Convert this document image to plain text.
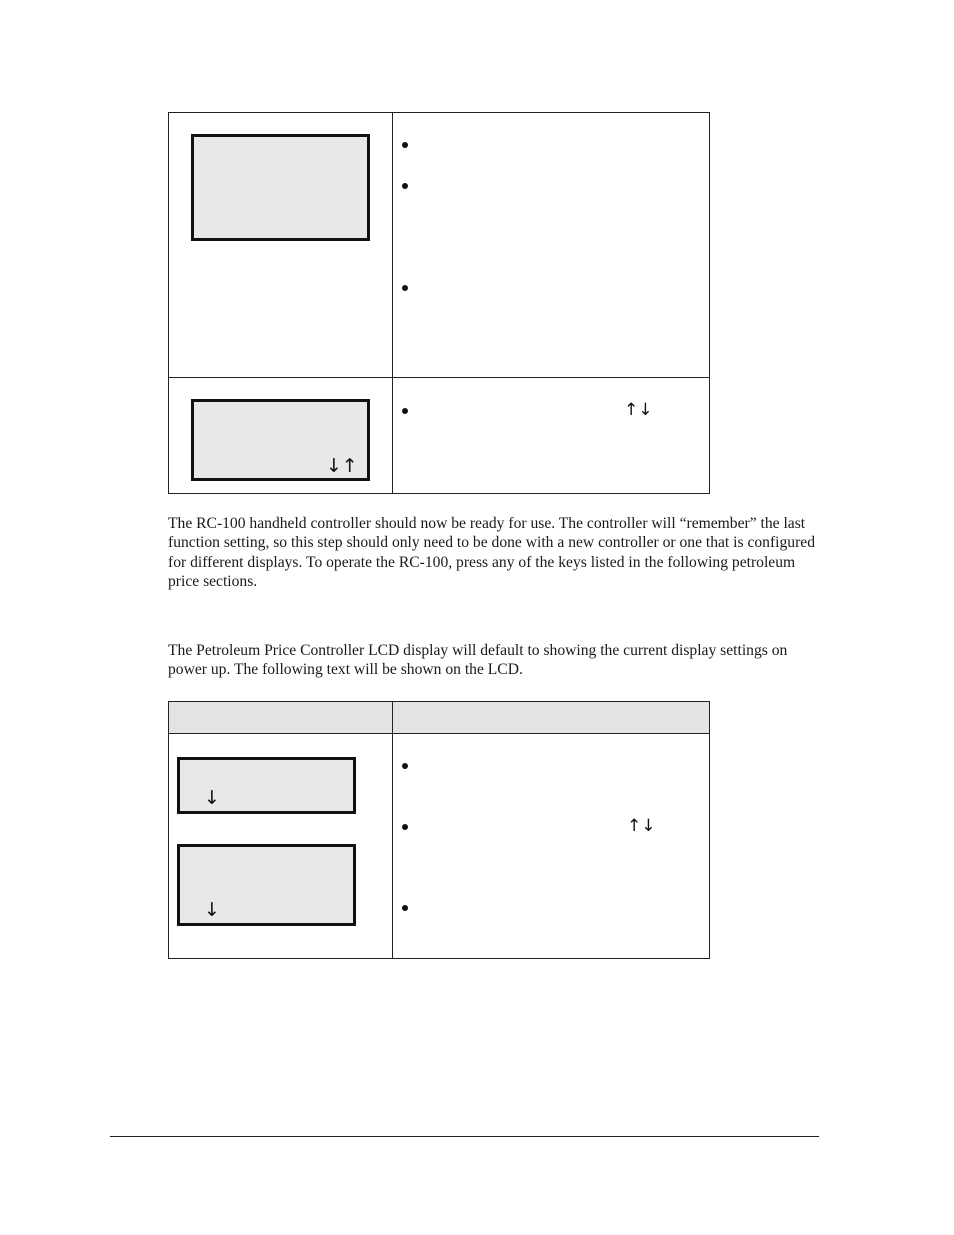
↓↑
↑↓

The RC-100 handheld controller should now be ready for use. The controller will “remember” the last function setting, so this step should only need to be done with a new controller or one that is configured for different displays. To operate the RC-100, press any of the keys listed in the following petroleum price sections.

The Petroleum Price Controller LCD display will default to showing the current display settings on power up. The following text will be shown on the LCD.

↓
↓
↑↓
